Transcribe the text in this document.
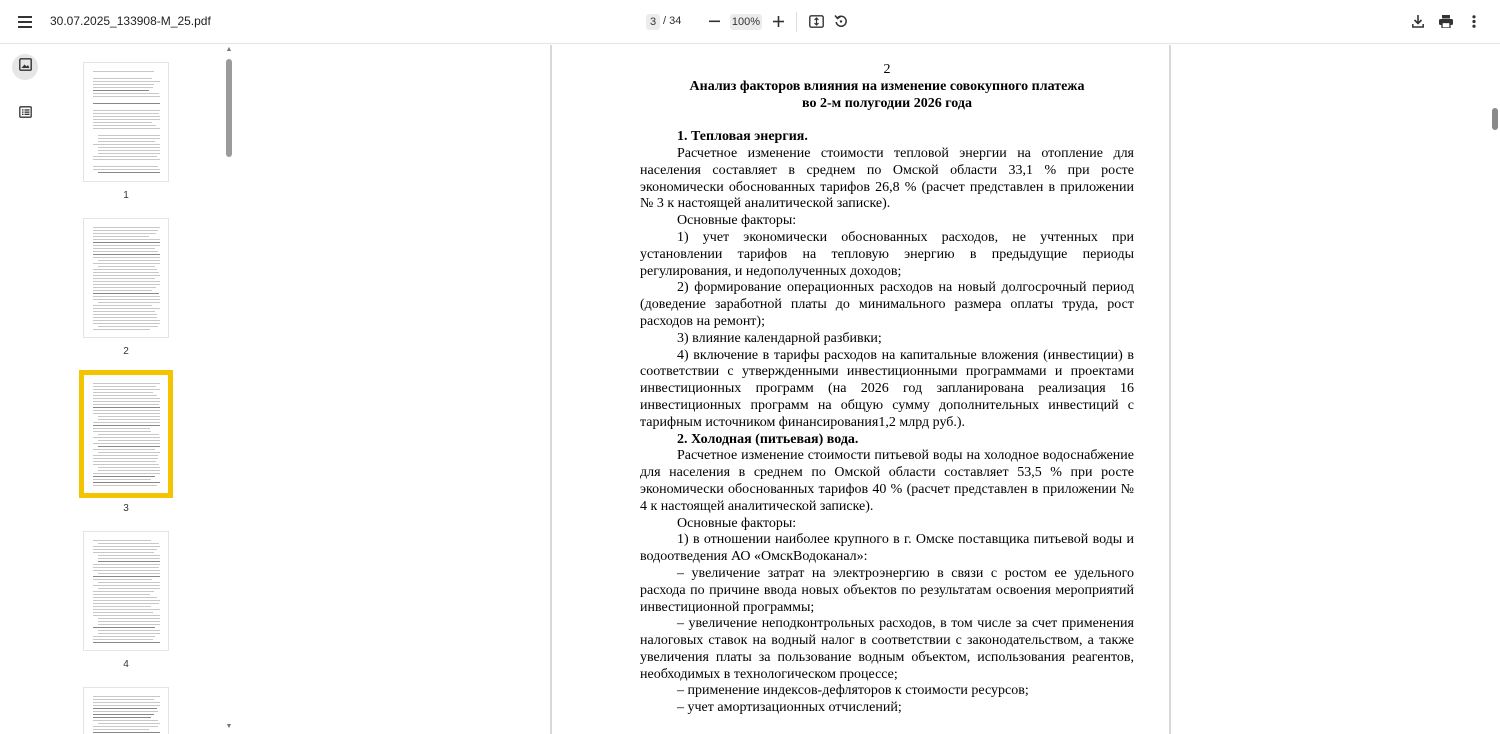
30.07.2025_133908-M_25.pdf	3 / 34	100%
1
2
3
4
▲
▼
2
Анализ факторов влияния на изменение совокупного платежа
во 2-м полугодии 2026 года
1. Тепловая энергия.
Расчетное изменение стоимости тепловой энергии на отопление для населения составляет в среднем по Омской области 33,1 % при росте экономически обоснованных тарифов 26,8 % (расчет представлен в приложении № 3 к настоящей аналитической записке).
Основные факторы:
1) учет экономически обоснованных расходов, не учтенных при установлении тарифов на тепловую энергию в предыдущие периоды регулирования, и недополученных доходов;
2) формирование операционных расходов на новый долгосрочный период (доведение заработной платы до минимального размера оплаты труда, рост расходов на ремонт);
3) влияние календарной разбивки;
4) включение в тарифы расходов на капитальные вложения (инвестиции) в соответствии с утвержденными инвестиционными программами и проектами инвестиционных программ (на 2026 год запланирована реализация 16 инвестиционных программ на общую сумму дополнительных инвестиций с тарифным источником финансирования1,2 млрд руб.).
2. Холодная (питьевая) вода.
Расчетное изменение стоимости питьевой воды на холодное водоснабжение для населения в среднем по Омской области составляет 53,5 % при росте экономически обоснованных тарифов 40 % (расчет представлен в приложении № 4 к настоящей аналитической записке).
Основные факторы:
1) в отношении наиболее крупного в г. Омске поставщика питьевой воды и водоотведения АО «ОмскВодоканал»:
– увеличение затрат на электроэнергию в связи с ростом ее удельного расхода по причине ввода новых объектов по результатам освоения мероприятий инвестиционной программы;
– увеличение неподконтрольных расходов, в том числе за счет применения налоговых ставок на водный налог в соответствии с законодательством, а также увеличения платы за пользование водным объектом, использования реагентов, необходимых в технологическом процессе;
– применение индексов-дефляторов к стоимости ресурсов;
– учет амортизационных отчислений;
